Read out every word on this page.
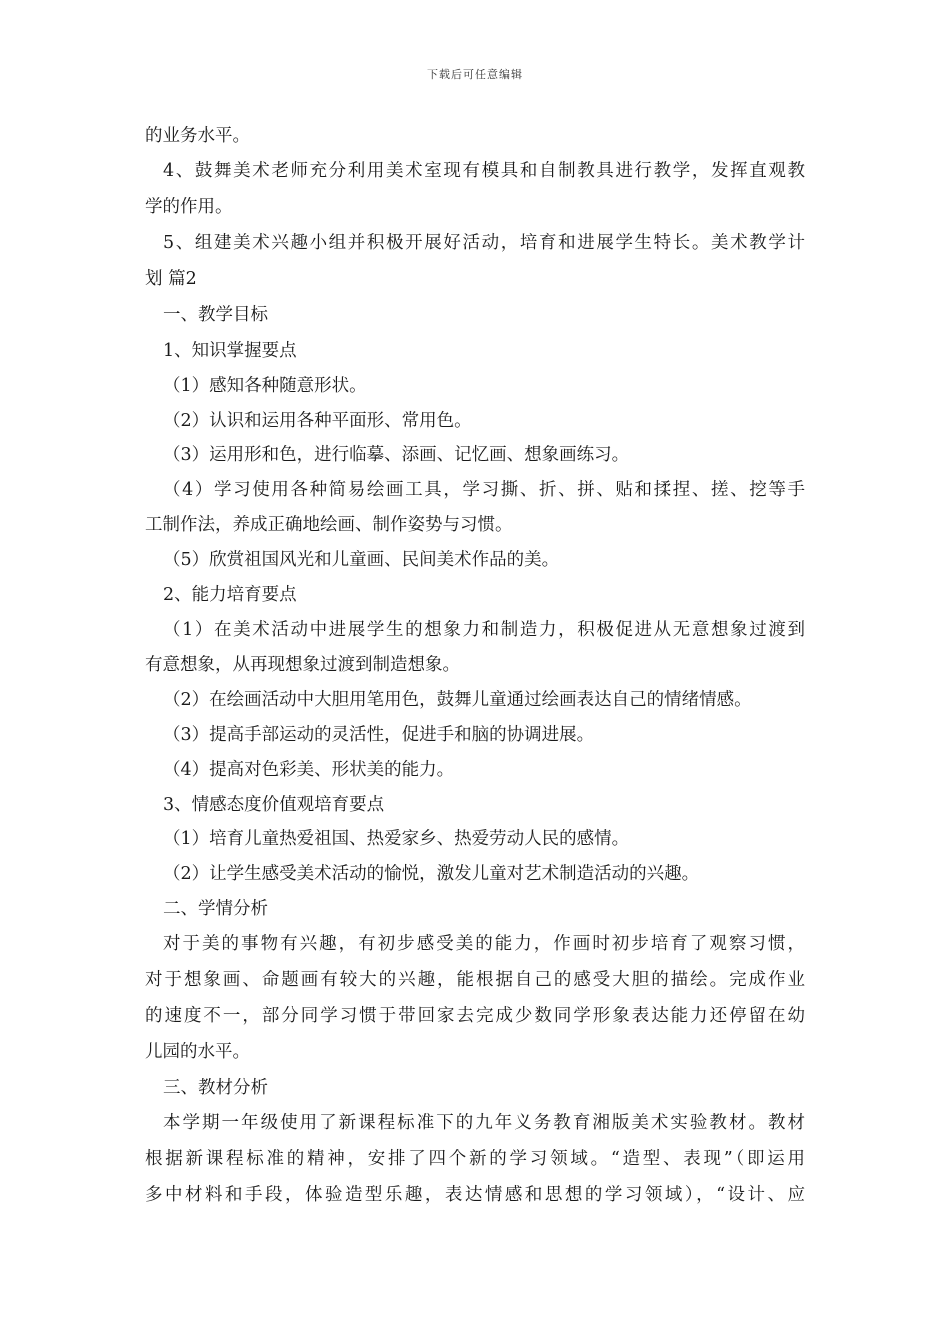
下载后可任意编辑
的业务水平。
4、鼓舞美术老师充分利用美术室现有模具和自制教具进行教学，发挥直观教
学的作用。
5、组建美术兴趣小组并积极开展好活动，培育和进展学生特长。美术教学计
划 篇2
一、教学目标
1、知识掌握要点
（1）感知各种随意形状。
（2）认识和运用各种平面形、常用色。
（3）运用形和色，进行临摹、添画、记忆画、想象画练习。
（4）学习使用各种简易绘画工具，学习撕、折、拼、贴和揉捏、搓、挖等手
工制作法，养成正确地绘画、制作姿势与习惯。
（5）欣赏祖国风光和儿童画、民间美术作品的美。
2、能力培育要点
（1）在美术活动中进展学生的想象力和制造力，积极促进从无意想象过渡到
有意想象，从再现想象过渡到制造想象。
（2）在绘画活动中大胆用笔用色，鼓舞儿童通过绘画表达自己的情绪情感。
（3）提高手部运动的灵活性，促进手和脑的协调进展。
（4）提高对色彩美、形状美的能力。
3、情感态度价值观培育要点
（1）培育儿童热爱祖国、热爱家乡、热爱劳动人民的感情。
（2）让学生感受美术活动的愉悦，激发儿童对艺术制造活动的兴趣。
二、学情分析
对于美的事物有兴趣，有初步感受美的能力，作画时初步培育了观察习惯，
对于想象画、命题画有较大的兴趣，能根据自己的感受大胆的描绘。完成作业
的速度不一，部分同学习惯于带回家去完成少数同学形象表达能力还停留在幼
儿园的水平。
三、教材分析
本学期一年级使用了新课程标准下的九年义务教育湘版美术实验教材。教材
根据新课程标准的精神，安排了四个新的学习领域。“造型、表现”（即运用
多中材料和手段，体验造型乐趣，表达情感和思想的学习领域），“设计、应
